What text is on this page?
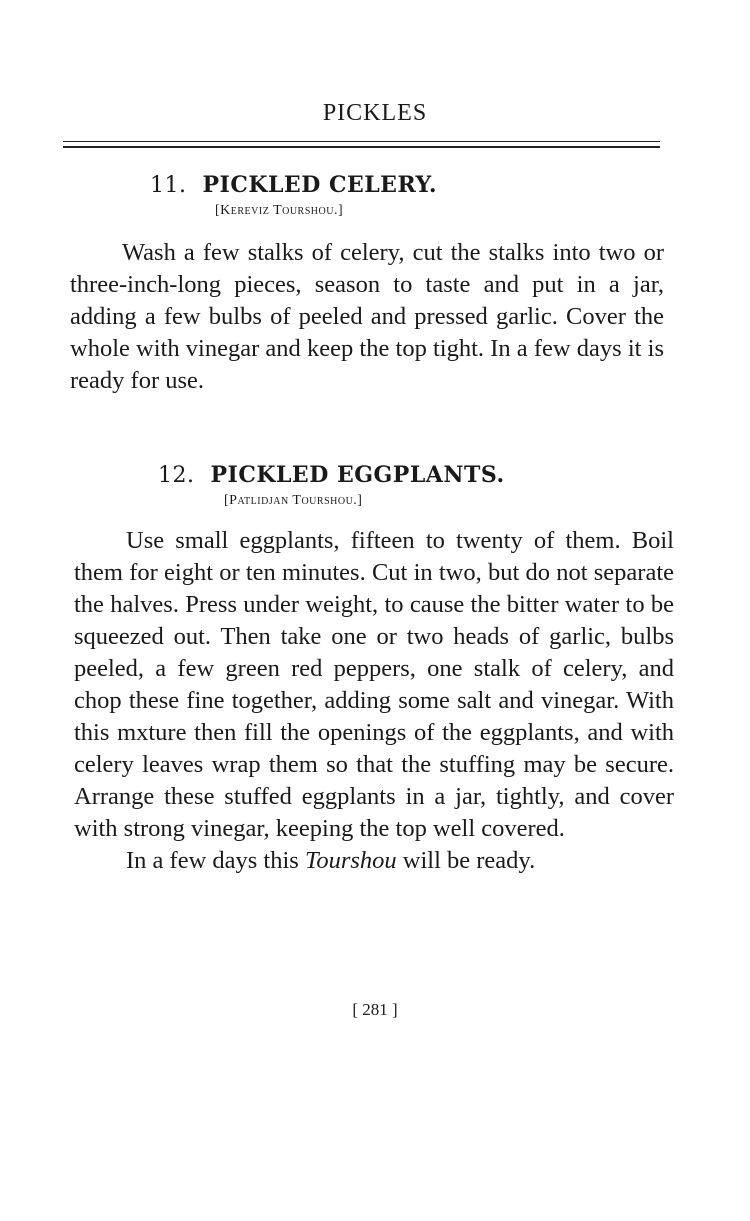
PICKLES
11. PICKLED CELERY.
[Kereviz Tourshou.]

Wash a few stalks of celery, cut the stalks into two or three-inch-long pieces, season to taste and put in a jar, adding a few bulbs of peeled and pressed garlic. Cover the whole with vinegar and keep the top tight. In a few days it is ready for use.

12. PICKLED EGGPLANTS.
[Patlidjan Tourshou.]

Use small eggplants, fifteen to twenty of them. Boil them for eight or ten minutes. Cut in two, but do not separate the halves. Press under weight, to cause the bitter water to be squeezed out. Then take one or two heads of garlic, bulbs peeled, a few green red peppers, one stalk of celery, and chop these fine together, adding some salt and vinegar. With this mxture then fill the openings of the eggplants, and with celery leaves wrap them so that the stuffing may be secure. Arrange these stuffed eggplants in a jar, tightly, and cover with strong vinegar, keeping the top well covered.

In a few days this Tourshou will be ready.

[ 281 ]
